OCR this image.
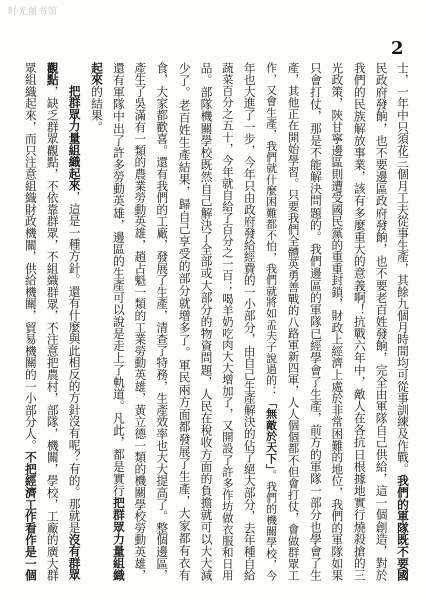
时光图书馆
2
士，一年中只須花三個月工夫從事生產，其餘九個月時間均可從事訓練及作戰。我們的軍隊既不要國
民政府發餉，也不要邊區政府發餉，也不要老百姓發餉，完全由軍隊自己供給，這一個創造，對於
我們的民族解放事業，該有多麼重大的意義啊！抗戰六年中，敵人在各抗日根據地實行燒殺搶的三
光政策，陝甘寧邊區則遭受國民黨的重重封鎖，財政上經濟上處於非常困難的地位，我們的軍隊如果
只會打仗，那是不能解決問題的。我們邊區的軍隊已經學會了生產，前方的軍隊一部分也學會了生
產，其他正在開始學習。只要我們全體英勇善戰的八路軍新四軍，人人個個都不但會打仗，會做群眾工
作，又會生產，我們就什麼困難都不怕，我們就將如孟夫子說過的：「無敵於天下」。我們的機關學校，今
年也大進了一步，今年只由政府發給經費的一小部分，由自己生產解決的佔了絕大部分，去年種自給
蔬菜百分之五十，今年就自給了百分之一百；喝羊奶吃肉大大增加了，又開設了許多作坊做衣服和日用
品。部隊機關學校既然自己解決了全部或大部分的物資問題，人民在稅收方面的負擔就可以大大減
少了。老百姓生產結果，歸自己享受的部分就增多了。軍民兩方面都發展了生產，大家都有衣有
食，大家都歡喜。還有我們的工廠，發展了生產，清查了特務，生產效率也大大提高了。整個邊區，
產生了吳滿有一類的農業勞動英雄，趙占魁一類的工業勞動英雄，黃立德一類的機關學校勞動英雄，
還有軍隊中出了許多勞動英雄，邊區的生產可以說是走上了軌道。凡此，都是實行把群眾力量組織
起來的結果。
把群眾力量組織起來，這是一種方針。還有什麼與此相反的方針沒有呢？有的。那就是沒有群眾
觀點，缺乏群眾觀點，不依靠群眾，不組織群眾，不注意把農村，部隊，機關，學校，工廠的廣大群
眾組織起來，而只注意組織財政機關，供給機關，貿易機關的一小部分人。不把經濟工作看作是一個
